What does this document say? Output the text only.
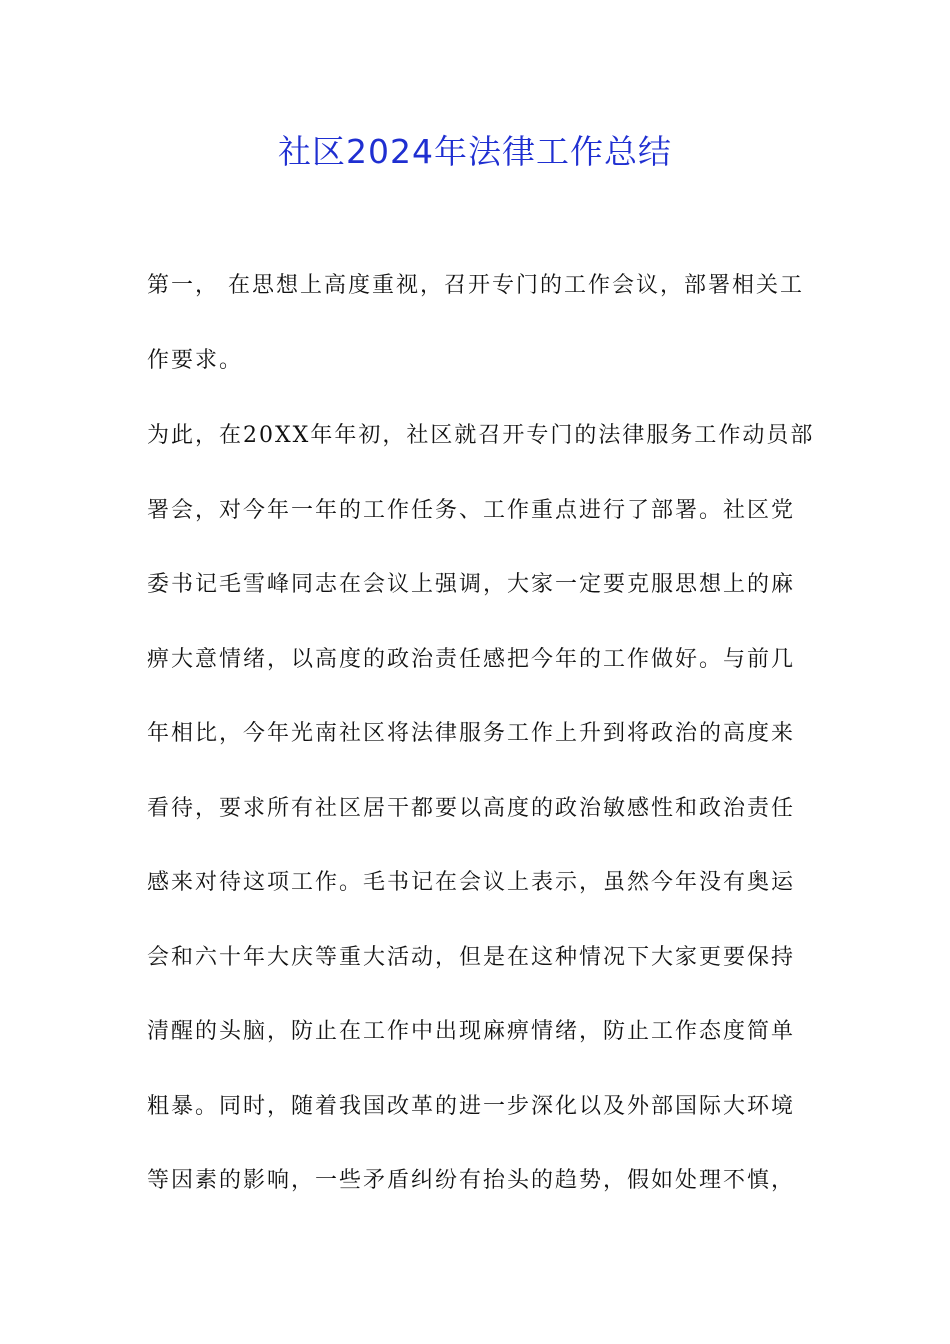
社区2024年法律工作总结
第一， 在思想上高度重视，召开专门的工作会议，部署相关工
作要求。
为此，在20XX年年初，社区就召开专门的法律服务工作动员部
署会，对今年一年的工作任务、工作重点进行了部署。社区党
委书记毛雪峰同志在会议上强调，大家一定要克服思想上的麻
痹大意情绪，以高度的政治责任感把今年的工作做好。与前几
年相比，今年光南社区将法律服务工作上升到将政治的高度来
看待，要求所有社区居干都要以高度的政治敏感性和政治责任
感来对待这项工作。毛书记在会议上表示，虽然今年没有奥运
会和六十年大庆等重大活动，但是在这种情况下大家更要保持
清醒的头脑，防止在工作中出现麻痹情绪，防止工作态度简单
粗暴。同时，随着我国改革的进一步深化以及外部国际大环境
等因素的影响，一些矛盾纠纷有抬头的趋势，假如处理不慎，
